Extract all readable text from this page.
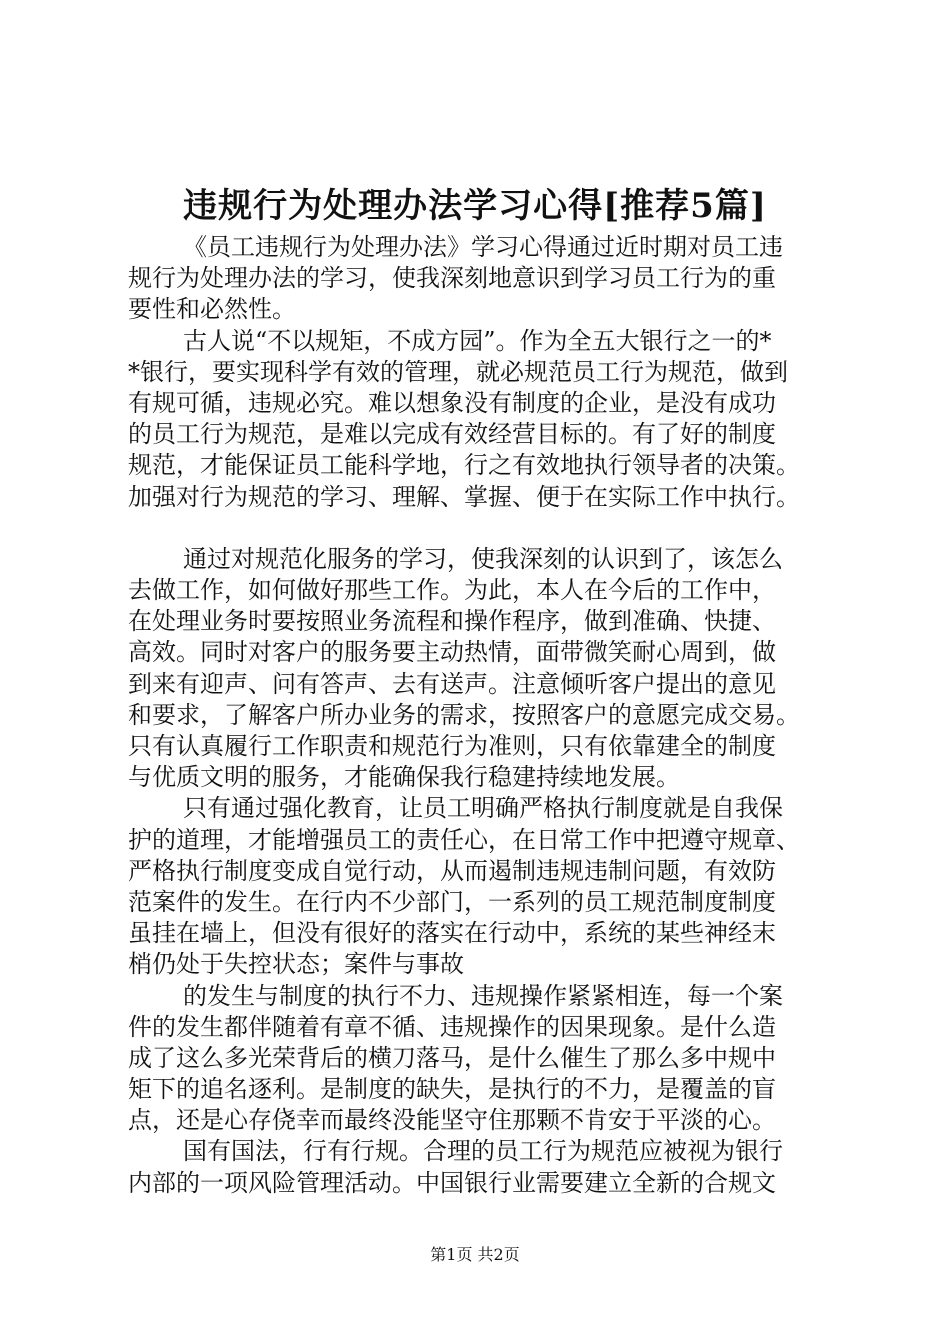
违规行为处理办法学习心得[推荐5篇]
《员工违规行为处理办法》学习心得通过近时期对员工违
规行为处理办法的学习，使我深刻地意识到学习员工行为的重
要性和必然性。
古人说“不以规矩，不成方园”。作为全五大银行之一的*
*银行，要实现科学有效的管理，就必规范员工行为规范，做到
有规可循，违规必究。难以想象没有制度的企业，是没有成功
的员工行为规范，是难以完成有效经营目标的。有了好的制度
规范，才能保证员工能科学地，行之有效地执行领导者的决策。
加强对行为规范的学习、理解、掌握、便于在实际工作中执行。
通过对规范化服务的学习，使我深刻的认识到了，该怎么
去做工作，如何做好那些工作。为此，本人在今后的工作中，
在处理业务时要按照业务流程和操作程序，做到准确、快捷、
高效。同时对客户的服务要主动热情，面带微笑耐心周到，做
到来有迎声、问有答声、去有送声。注意倾听客户提出的意见
和要求，了解客户所办业务的需求，按照客户的意愿完成交易。
只有认真履行工作职责和规范行为准则，只有依靠建全的制度
与优质文明的服务，才能确保我行稳建持续地发展。
只有通过强化教育，让员工明确严格执行制度就是自我保
护的道理，才能增强员工的责任心，在日常工作中把遵守规章、
严格执行制度变成自觉行动，从而遏制违规违制问题，有效防
范案件的发生。在行内不少部门，一系列的员工规范制度制度
虽挂在墙上，但没有很好的落实在行动中，系统的某些神经末
梢仍处于失控状态；案件与事故
的发生与制度的执行不力、违规操作紧紧相连，每一个案
件的发生都伴随着有章不循、违规操作的因果现象。是什么造
成了这么多光荣背后的横刀落马，是什么催生了那么多中规中
矩下的追名逐利。是制度的缺失，是执行的不力，是覆盖的盲
点，还是心存侥幸而最终没能坚守住那颗不肯安于平淡的心。
国有国法，行有行规。合理的员工行为规范应被视为银行
内部的一项风险管理活动。中国银行业需要建立全新的合规文
第1页 共2页
